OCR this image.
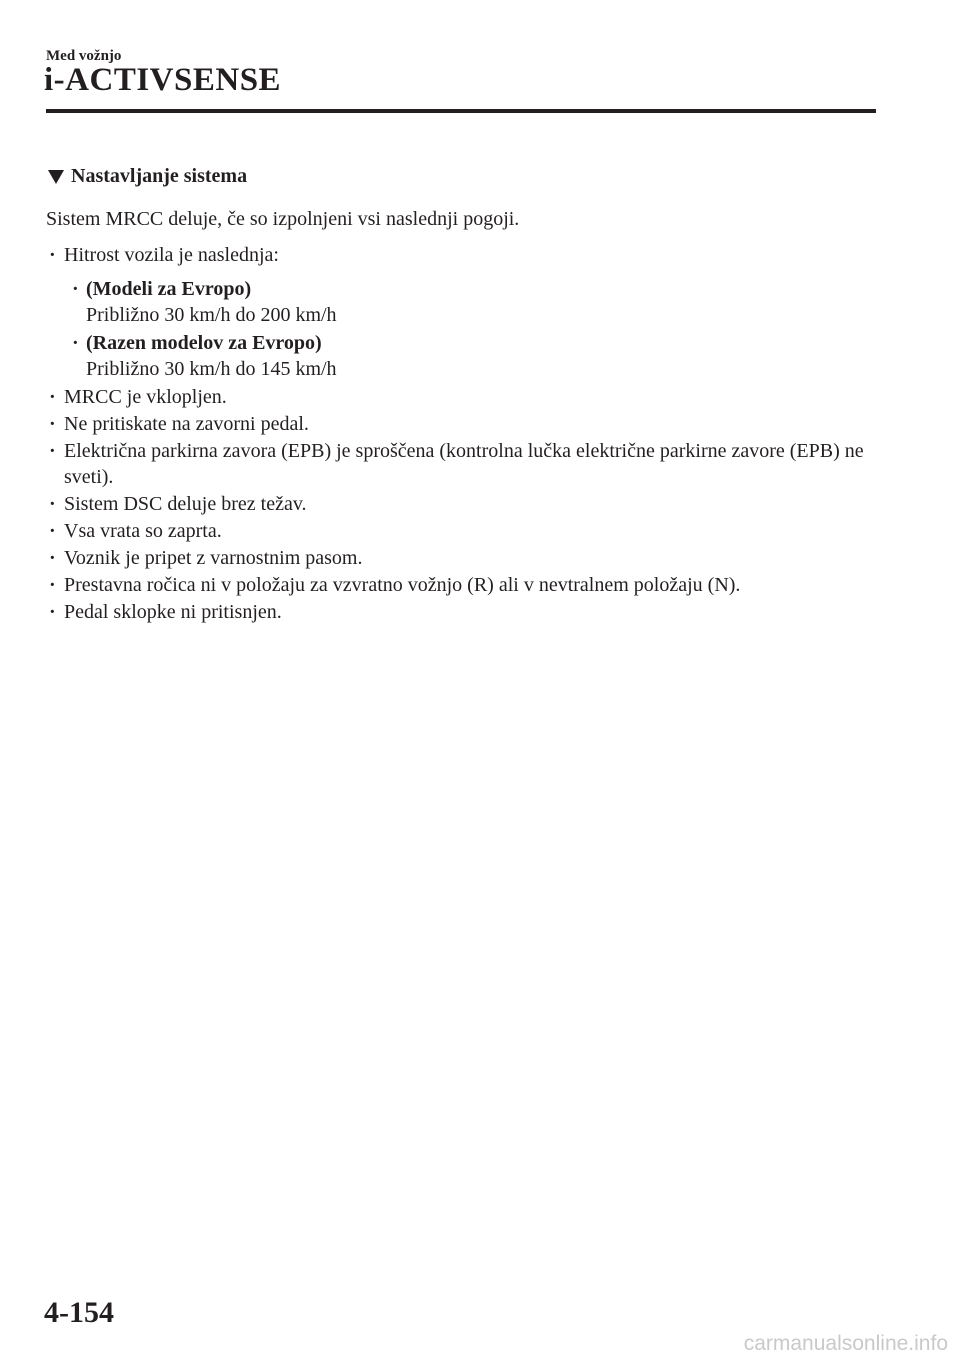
Med vožnjo
i-ACTIVSENSE
Nastavljanje sistema
Sistem MRCC deluje, če so izpolnjeni vsi naslednji pogoji.
· Hitrost vozila je naslednja:
· (Modeli za Evropo)
Približno 30 km/h do 200 km/h
· (Razen modelov za Evropo)
Približno 30 km/h do 145 km/h
· MRCC je vklopljen.
· Ne pritiskate na zavorni pedal.
· Električna parkirna zavora (EPB) je sproščena (kontrolna lučka električne parkirne zavore (EPB) ne sveti).
· Sistem DSC deluje brez težav.
· Vsa vrata so zaprta.
· Voznik je pripet z varnostnim pasom.
· Prestavna ročica ni v položaju za vzvratno vožnjo (R) ali v nevtralnem položaju (N).
· Pedal sklopke ni pritisnjen.
4-154
carmanualsonline.info
